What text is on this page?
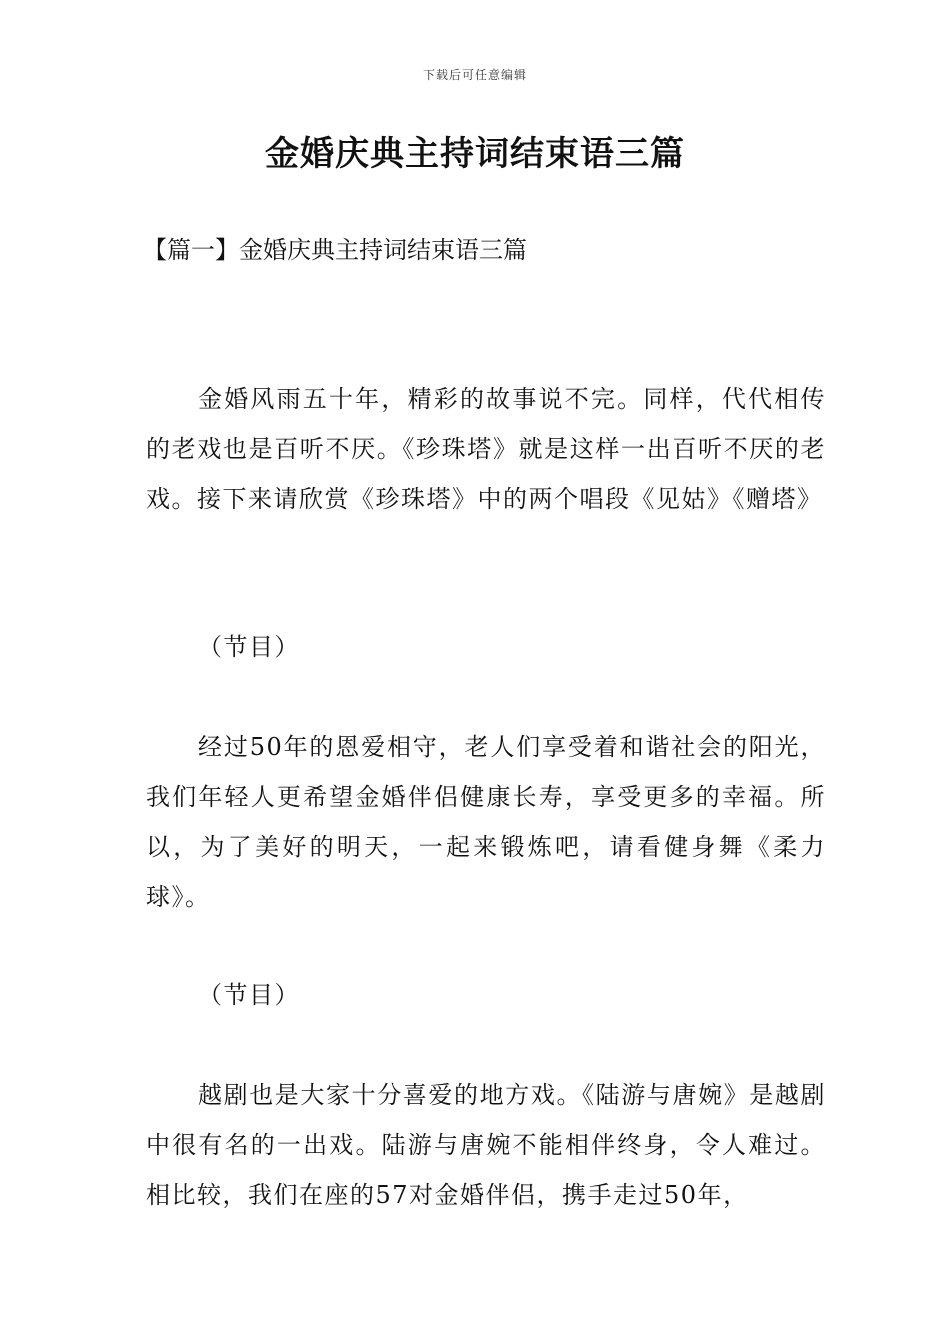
下载后可任意编辑
金婚庆典主持词结束语三篇
【篇一】金婚庆典主持词结束语三篇

金婚风雨五十年，精彩的故事说不完。同样，代代相传的老戏也是百听不厌。《珍珠塔》就是这样一出百听不厌的老戏。接下来请欣赏《珍珠塔》中的两个唱段《见姑》《赠塔》

（节目）

经过50年的恩爱相守，老人们享受着和谐社会的阳光，我们年轻人更希望金婚伴侣健康长寿，享受更多的幸福。所以，为了美好的明天，一起来锻炼吧，请看健身舞《柔力球》。

（节目）

越剧也是大家十分喜爱的地方戏。《陆游与唐婉》是越剧中很有名的一出戏。陆游与唐婉不能相伴终身，令人难过。相比较，我们在座的57对金婚伴侣，携手走过50年，
